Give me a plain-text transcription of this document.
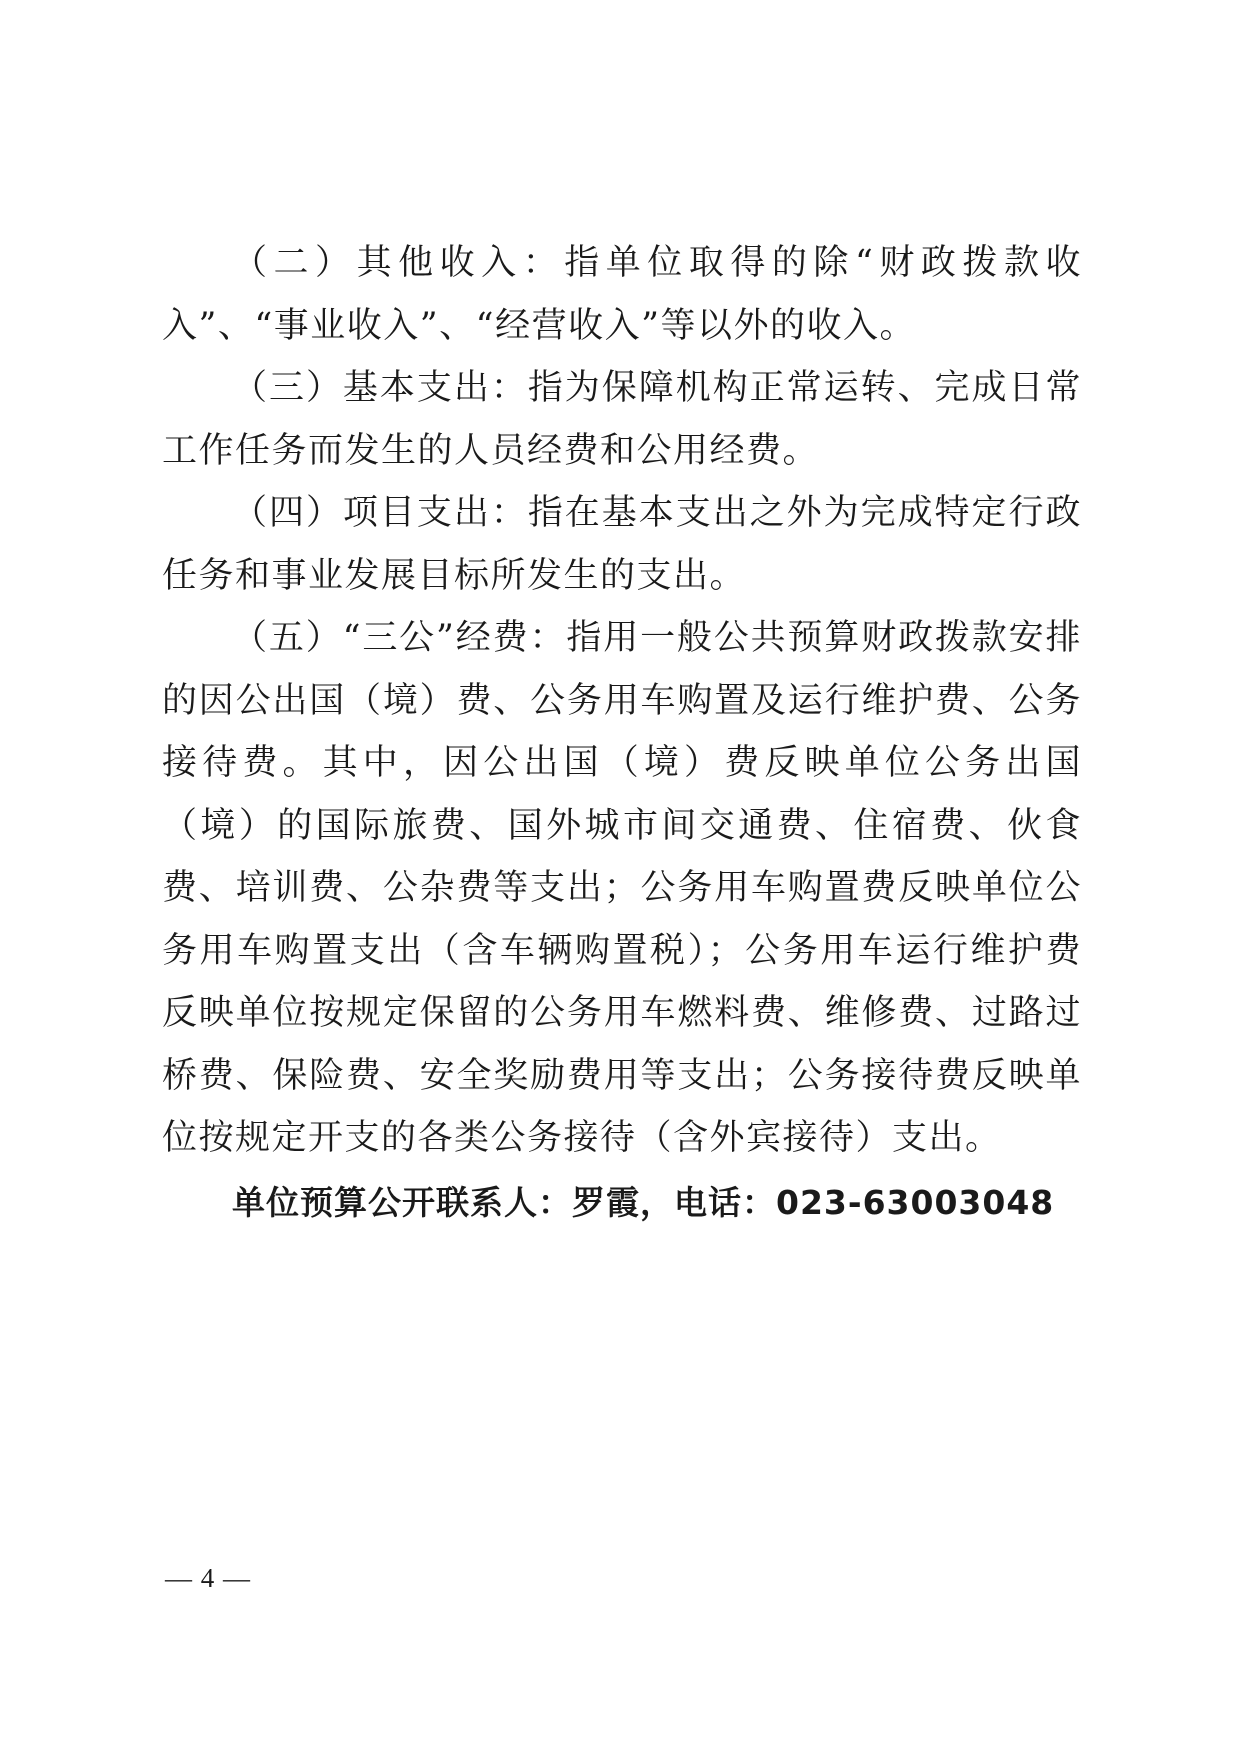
（二）其他收入：指单位取得的除“财政拨款收入”、“事业收入”、“经营收入”等以外的收入。

（三）基本支出：指为保障机构正常运转、完成日常工作任务而发生的人员经费和公用经费。

（四）项目支出：指在基本支出之外为完成特定行政任务和事业发展目标所发生的支出。

（五）“三公”经费：指用一般公共预算财政拨款安排的因公出国（境）费、公务用车购置及运行维护费、公务接待费。其中，因公出国（境）费反映单位公务出国（境）的国际旅费、国外城市间交通费、住宿费、伙食费、培训费、公杂费等支出；公务用车购置费反映单位公务用车购置支出（含车辆购置税）；公务用车运行维护费反映单位按规定保留的公务用车燃料费、维修费、过路过桥费、保险费、安全奖励费用等支出；公务接待费反映单位按规定开支的各类公务接待（含外宾接待）支出。

单位预算公开联系人：罗霞，电话：023-63003048

— 4 —
